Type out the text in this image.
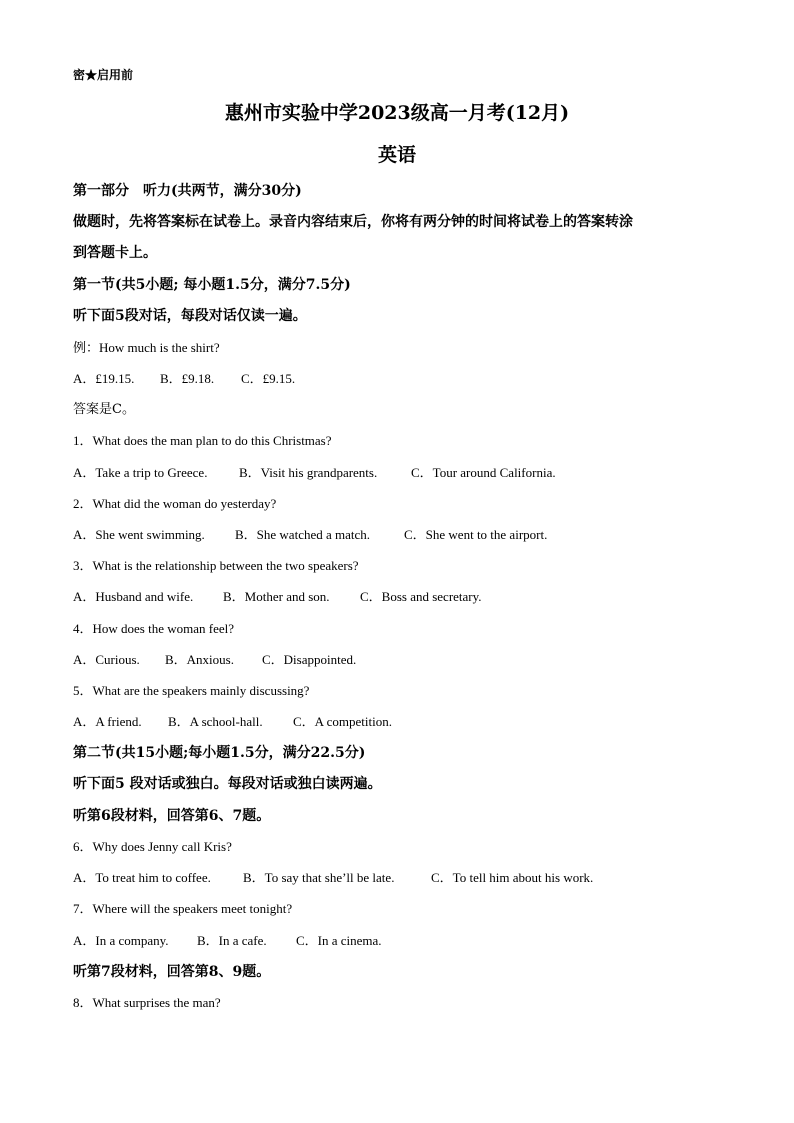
密★启用前
惠州市实验中学2023级高一月考(12月)
英语
第一部分　听力(共两节，满分30分)
做题时，先将答案标在试卷上。录音内容结束后，你将有两分钟的时间将试卷上的答案转涂
到答题卡上。
第一节(共5小题; 每小题1.5分，满分7.5分)
听下面5段对话，每段对话仅读一遍。
例：How much is the shirt?
A．£19.15. B．£9.18. C．£9.15.
答案是C。
1．What does the man plan to do this Christmas?
A．Take a trip to Greece. B．Visit his grandparents.	C．Tour around California.
2．What did the woman do yesterday?
A．She went swimming. B．She watched a match.	C．She went to the airport.
3．What is the relationship between the two speakers?
A．Husband and wife. B．Mother and son. C．Boss and secretary.
4．How does the woman feel?
A．Curious. B．Anxious. C．Disappointed.
5．What are the speakers mainly discussing?
A．A friend. B．A school-hall. C．A competition.
第二节(共15小题;每小题1.5分，满分22.5分)
听下面5 段对话或独白。每段对话或独白读两遍。
听第6段材料，回答第6、7题。
6．Why does Jenny call Kris?
A．To treat him to coffee. B．To say that she’ll be late.	C．To tell him about his work.
7．Where will the speakers meet tonight?
A．In a company. B．In a cafe. C．In a cinema.
听第7段材料，回答第8、9题。
8．What surprises the man?
